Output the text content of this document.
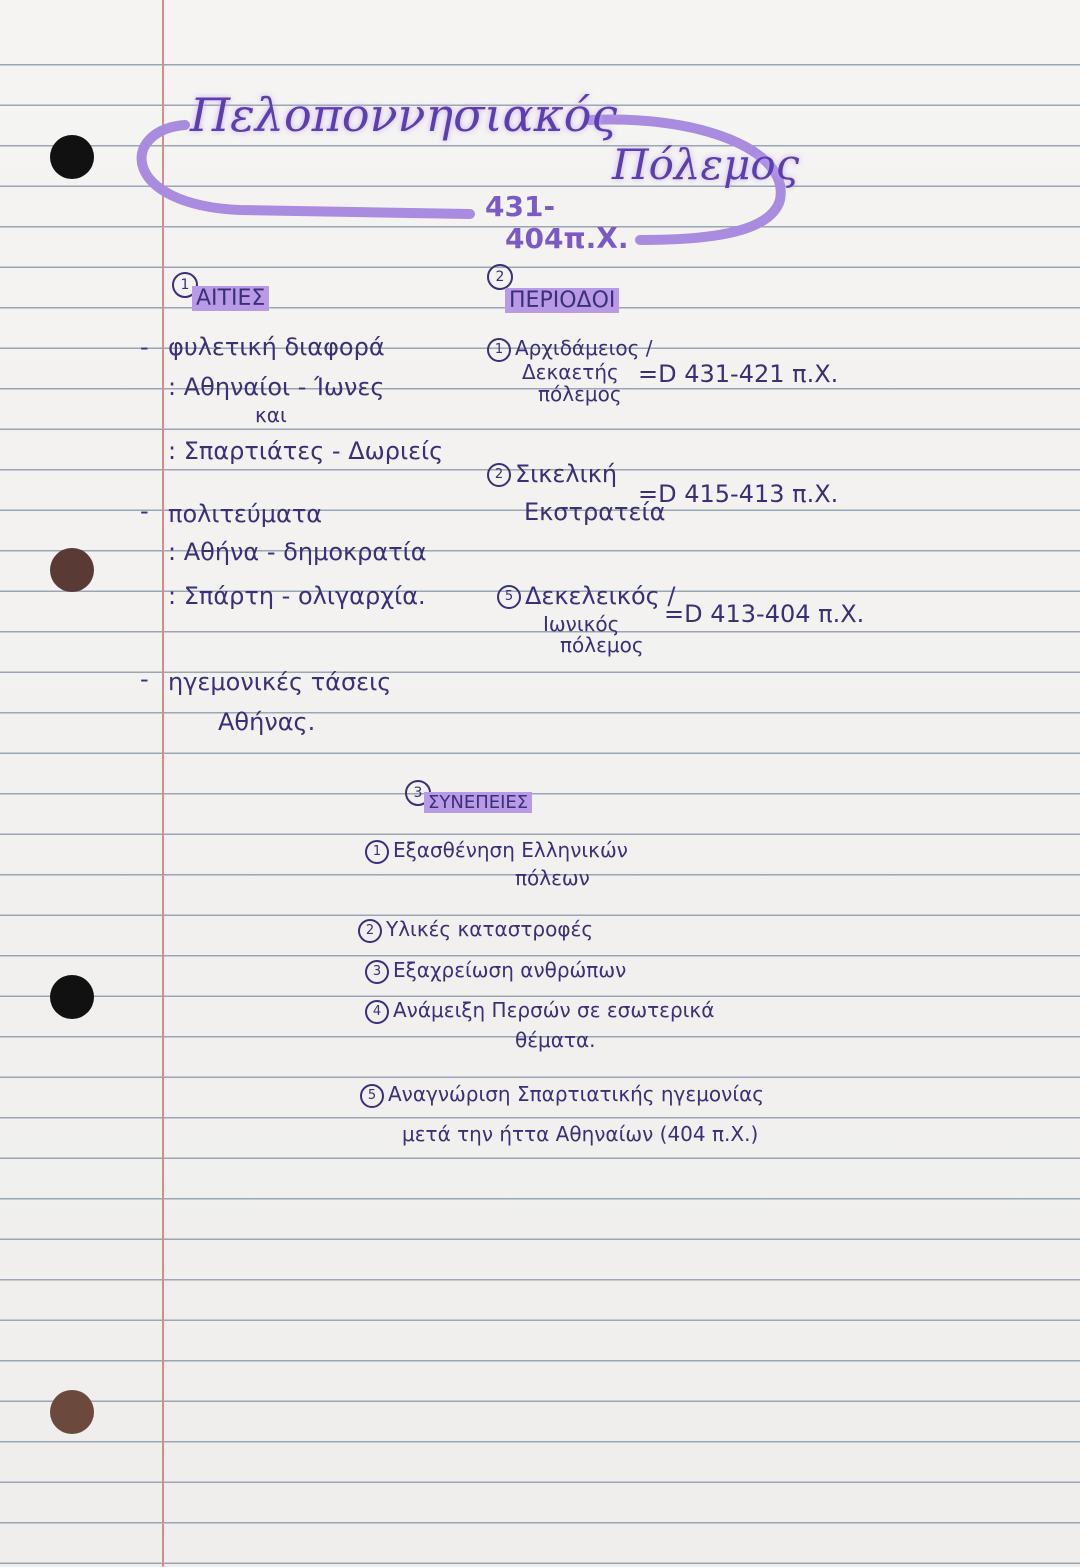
Πελοποννησιακός
Πόλεμος
431-
404π.Χ.
1
ΑΙΤΙΕΣ
- φυλετική διαφορά
: Αθηναίοι - Ίωνες
και
: Σπαρτιάτες - Δωριείς
- πολιτεύματα
: Αθήνα - δημοκρατία
: Σπάρτη - ολιγαρχία.
- ηγεμονικές τάσεις
Αθήνας.
2
ΠΕΡΙΟΔΟΙ
1 Αρχιδάμειος /
Δεκαετής
πόλεμος
=D 431-421 π.Χ.
2 Σικελική
Εκστρατεία
=D 415-413 π.Χ.
5 Δεκελεικός /
Ιωνικός
πόλεμος
=D 413-404 π.Χ.
3 ΣΥΝΕΠΕΙΕΣ
1 Εξασθένηση Ελληνικών
πόλεων
2 Υλικές καταστροφές
3 Εξαχρείωση ανθρώπων
4 Ανάμειξη Περσών σε εσωτερικά
θέματα.
5 Αναγνώριση Σπαρτιατικής ηγεμονίας
μετά την ήττα Αθηναίων (404 π.Χ.)
